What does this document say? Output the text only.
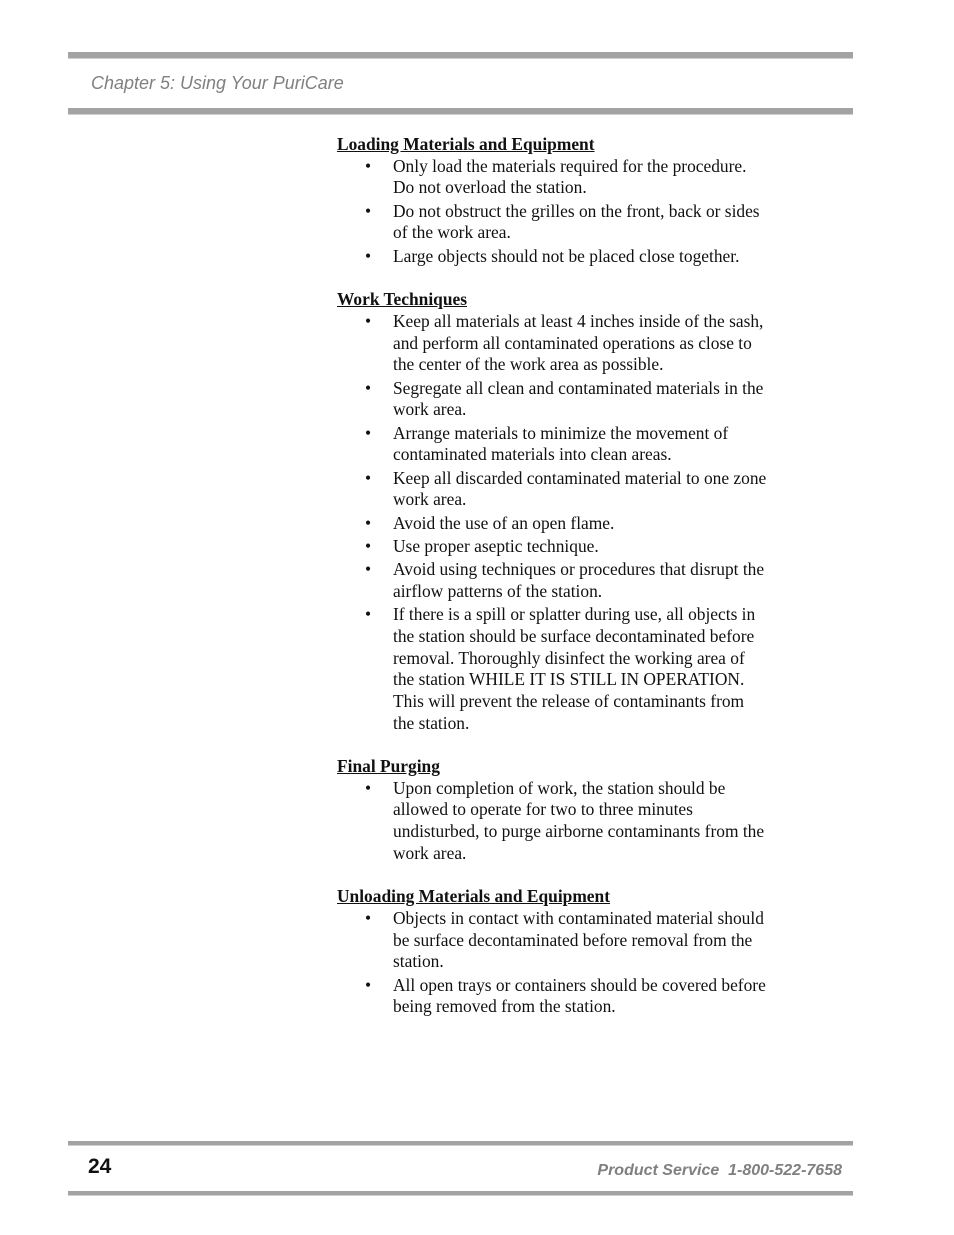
Chapter 5: Using Your PuriCare

Loading Materials and Equipment

• Only load the materials required for the procedure. Do not overload the station.
• Do not obstruct the grilles on the front, back or sides of the work area.
• Large objects should not be placed close together.

Work Techniques

• Keep all materials at least 4 inches inside of the sash, and perform all contaminated operations as close to the center of the work area as possible.
• Segregate all clean and contaminated materials in the work area.
• Arrange materials to minimize the movement of contaminated materials into clean areas.
• Keep all discarded contaminated material to one zone work area.
• Avoid the use of an open flame.
• Use proper aseptic technique.
• Avoid using techniques or procedures that disrupt the airflow patterns of the station.
• If there is a spill or splatter during use, all objects in the station should be surface decontaminated before removal. Thoroughly disinfect the working area of the station WHILE IT IS STILL IN OPERATION. This will prevent the release of contaminants from the station.

Final Purging

• Upon completion of work, the station should be allowed to operate for two to three minutes undisturbed, to purge airborne contaminants from the work area.

Unloading Materials and Equipment

• Objects in contact with contaminated material should be surface decontaminated before removal from the station.
• All open trays or containers should be covered before being removed from the station.
24	Product Service  1-800-522-7658
